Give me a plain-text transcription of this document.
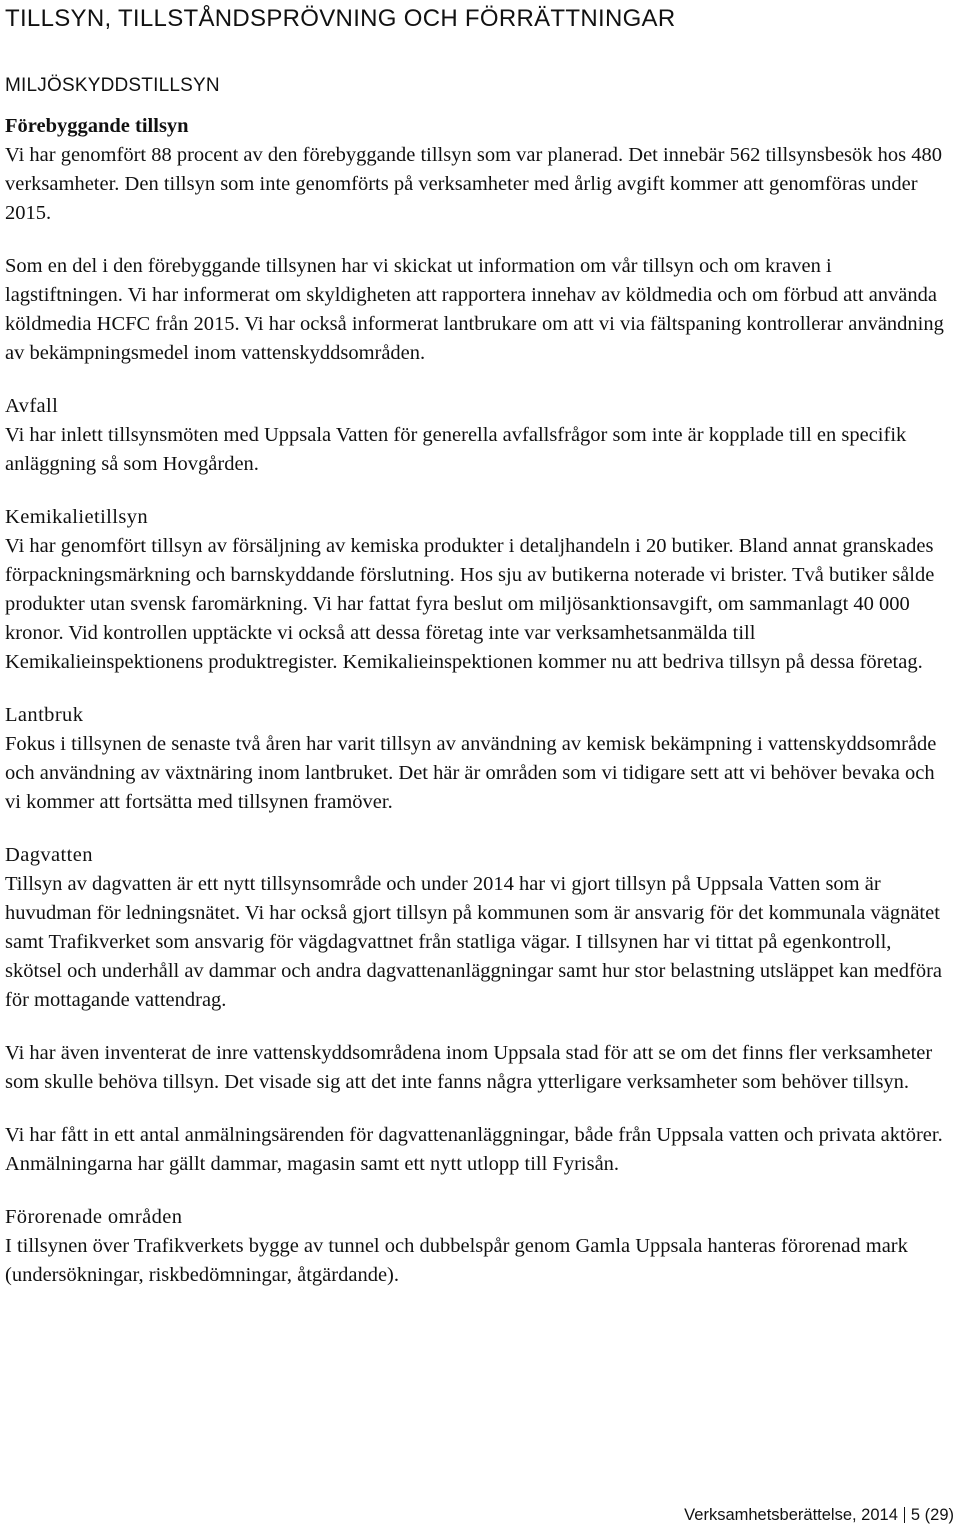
TILLSYN, TILLSTÅNDSPRÖVNING OCH FÖRRÄTTNINGAR
MILJÖSKYDDSTILLSYN

Förebyggande tillsyn

Vi har genomfört 88 procent av den förebyggande tillsyn som var planerad. Det innebär 562 tillsynsbesök hos 480 verksamheter. Den tillsyn som inte genomförts på verksamheter med årlig avgift kommer att genomföras under 2015.

Som en del i den förebyggande tillsynen har vi skickat ut information om vår tillsyn och om kraven i lagstiftningen. Vi har informerat om skyldigheten att rapportera innehav av köldmedia och om förbud att använda köldmedia HCFC från 2015. Vi har också informerat lantbrukare om att vi via fältspaning kontrollerar användning av bekämpningsmedel inom vattenskyddsområden.

Avfall

Vi har inlett tillsynsmöten med Uppsala Vatten för generella avfallsfrågor som inte är kopplade till en specifik anläggning så som Hovgården.

Kemikalietillsyn

Vi har genomfört tillsyn av försäljning av kemiska produkter i detaljhandeln i 20 butiker. Bland annat granskades förpackningsmärkning och barnskyddande förslutning. Hos sju av butikerna noterade vi brister. Två butiker sålde produkter utan svensk faromärkning. Vi har fattat fyra beslut om miljösanktionsavgift, om sammanlagt 40 000 kronor. Vid kontrollen upptäckte vi också att dessa företag inte var verksamhetsanmälda till Kemikalieinspektionens produktregister. Kemikalieinspektionen kommer nu att bedriva tillsyn på dessa företag.

Lantbruk

Fokus i tillsynen de senaste två åren har varit tillsyn av användning av kemisk bekämpning i vattenskyddsområde och användning av växtnäring inom lantbruket. Det här är områden som vi tidigare sett att vi behöver bevaka och vi kommer att fortsätta med tillsynen framöver.

Dagvatten

Tillsyn av dagvatten är ett nytt tillsynsområde och under 2014 har vi gjort tillsyn på Uppsala Vatten som är huvudman för ledningsnätet. Vi har också gjort tillsyn på kommunen som är ansvarig för det kommunala vägnätet samt Trafikverket som ansvarig för vägdagvattnet från statliga vägar. I tillsynen har vi tittat på egenkontroll, skötsel och underhåll av dammar och andra dagvattenanläggningar samt hur stor belastning utsläppet kan medföra för mottagande vattendrag.

Vi har även inventerat de inre vattenskyddsområdena inom Uppsala stad för att se om det finns fler verksamheter som skulle behöva tillsyn. Det visade sig att det inte fanns några ytterligare verksamheter som behöver tillsyn.

Vi har fått in ett antal anmälningsärenden för dagvattenanläggningar, både från Uppsala vatten och privata aktörer. Anmälningarna har gällt dammar, magasin samt ett nytt utlopp till Fyrisån.

Förorenade områden

I tillsynen över Trafikverkets bygge av tunnel och dubbelspår genom Gamla Uppsala hanteras förorenad mark (undersökningar, riskbedömningar, åtgärdande).

Verksamhetsberättelse, 2014 5 (29)
